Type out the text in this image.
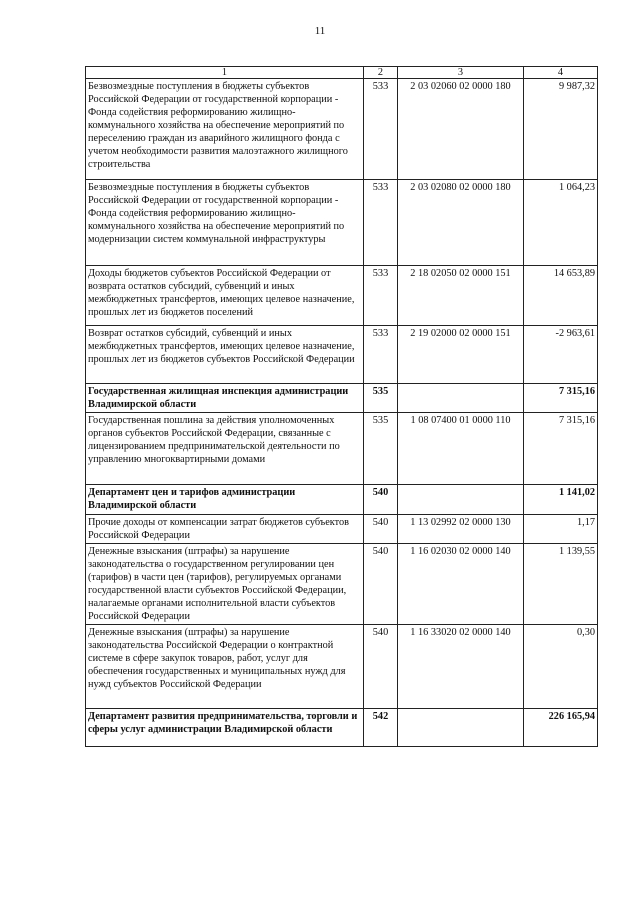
11
1	2	3	4
Безвозмездные поступления в бюджеты субъектов Российской Федерации от государственной корпорации - Фонда содействия реформированию жилищно-коммунального хозяйства на обеспечение мероприятий по переселению граждан из аварийного жилищного фонда с учетом необходимости развития малоэтажного жилищного строительства	533	2 03 02060 02 0000 180	9 987,32
Безвозмездные поступления в бюджеты субъектов Российской Федерации от государственной корпорации - Фонда содействия реформированию жилищно-коммунального хозяйства на обеспечение мероприятий по модернизации систем коммунальной инфраструктуры	533	2 03 02080 02 0000 180	1 064,23
Доходы бюджетов субъектов Российской Федерации от возврата остатков субсидий, субвенций и иных межбюджетных трансфертов, имеющих целевое назначение, прошлых лет из бюджетов поселений	533	2 18 02050 02 0000 151	14 653,89
Возврат остатков субсидий, субвенций и иных межбюджетных трансфертов, имеющих целевое назначение, прошлых лет из бюджетов субъектов Российской Федерации	533	2 19 02000 02 0000 151	-2 963,61
Государственная жилищная инспекция администрации Владимирской области	535		7 315,16
Государственная пошлина за действия уполномоченных органов субъектов Российской Федерации, связанные с лицензированием предпринимательской деятельности по управлению многоквартирными домами	535	1 08 07400 01 0000 110	7 315,16
Департамент цен и тарифов администрации Владимирской области	540		1 141,02
Прочие доходы от компенсации затрат бюджетов субъектов Российской Федерации	540	1 13 02992 02 0000 130	1,17
Денежные взыскания (штрафы) за нарушение законодательства о государственном регулировании цен (тарифов) в части цен (тарифов), регулируемых органами государственной власти субъектов Российской Федерации, налагаемые органами исполнительной власти субъектов Российской Федерации	540	1 16 02030 02 0000 140	1 139,55
Денежные взыскания (штрафы) за нарушение законодательства Российской Федерации о контрактной системе в сфере закупок товаров, работ, услуг для обеспечения государственных и муниципальных нужд для нужд субъектов Российской Федерации	540	1 16 33020 02 0000 140	0,30
Департамент развития предпринимательства, торговли и сферы услуг администрации Владимирской области	542		226 165,94
